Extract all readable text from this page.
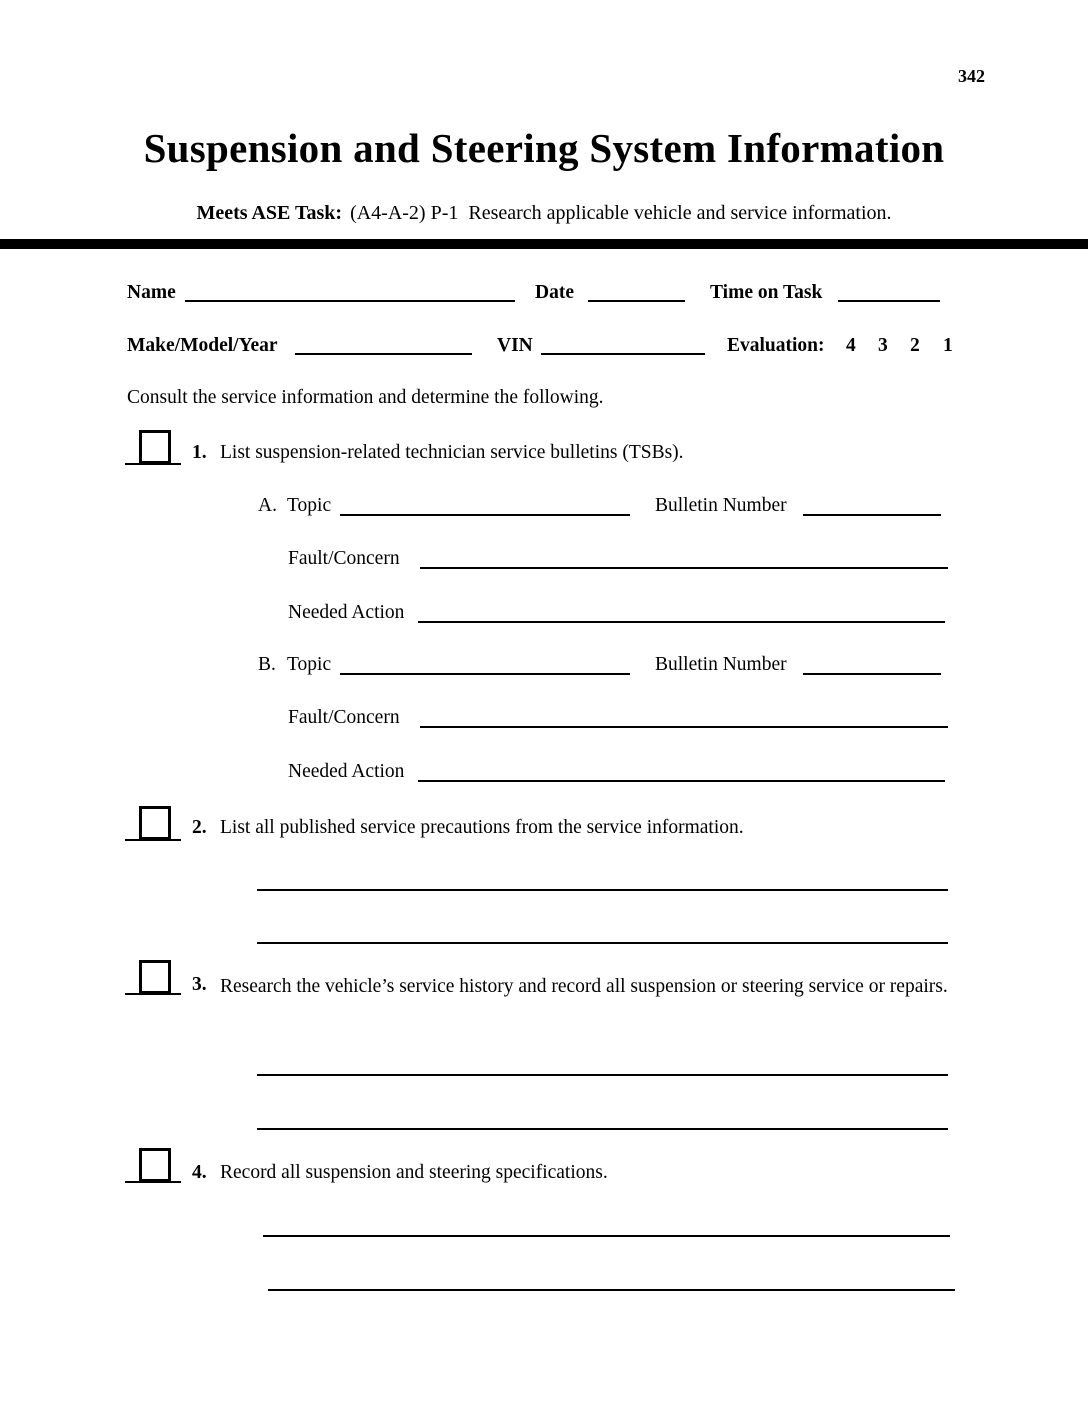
342
Suspension and Steering System Information
Meets ASE Task: (A4-A-2) P-1  Research applicable vehicle and service information.
Name	Date	Time on Task
Make/Model/Year	VIN	Evaluation: 4 3 2 1
Consult the service information and determine the following.
1. List suspension-related technician service bulletins (TSBs).
A. Topic	Bulletin Number
Fault/Concern
Needed Action
B. Topic	Bulletin Number
Fault/Concern
Needed Action
2. List all published service precautions from the service information.
3. Research the vehicle’s service history and record all suspension or steering service or repairs.
4. Record all suspension and steering specifications.
